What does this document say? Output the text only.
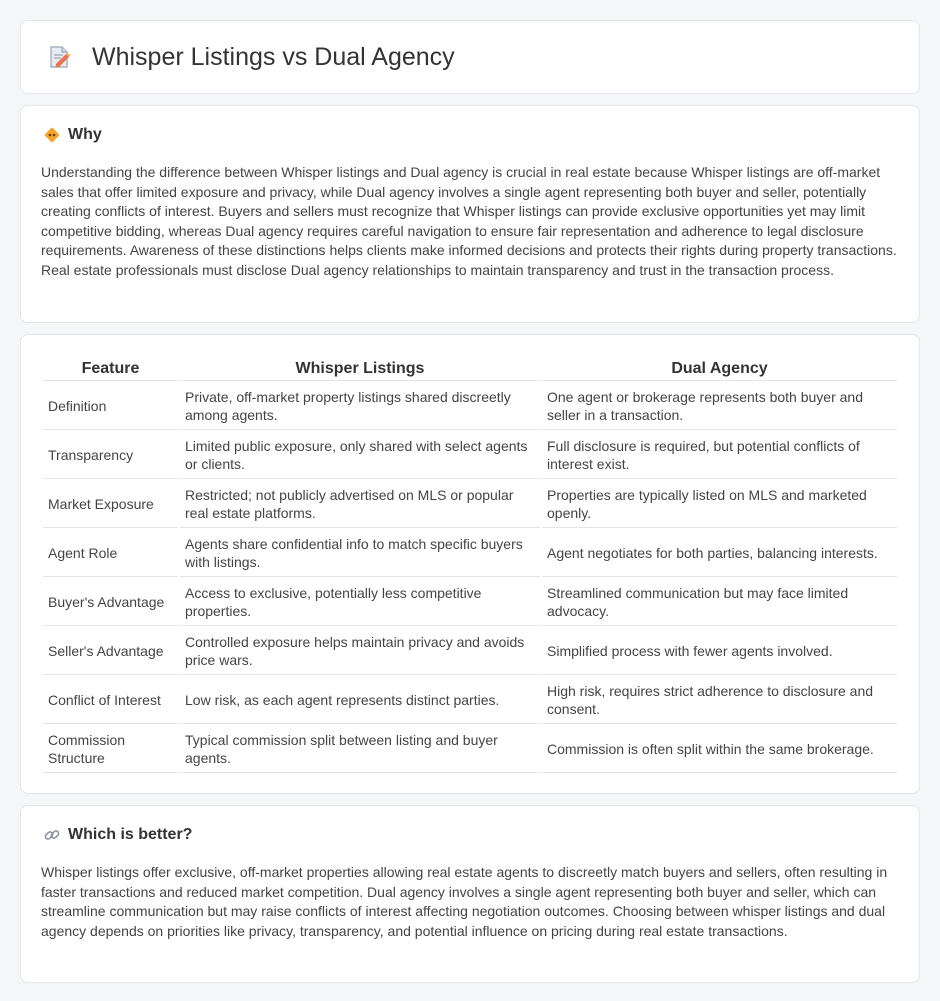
Whisper Listings vs Dual Agency
Why

Understanding the difference between Whisper listings and Dual agency is crucial in real estate because Whisper listings are off-market sales that offer limited exposure and privacy, while Dual agency involves a single agent representing both buyer and seller, potentially creating conflicts of interest. Buyers and sellers must recognize that Whisper listings can provide exclusive opportunities yet may limit competitive bidding, whereas Dual agency requires careful navigation to ensure fair representation and adherence to legal disclosure requirements. Awareness of these distinctions helps clients make informed decisions and protects their rights during property transactions. Real estate professionals must disclose Dual agency relationships to maintain transparency and trust in the transaction process.

Feature	Whisper Listings	Dual Agency
Definition	Private, off-market property listings shared discreetly among agents.	One agent or brokerage represents both buyer and seller in a transaction.
Transparency	Limited public exposure, only shared with select agents or clients.	Full disclosure is required, but potential conflicts of interest exist.
Market Exposure	Restricted; not publicly advertised on MLS or popular real estate platforms.	Properties are typically listed on MLS and marketed openly.
Agent Role	Agents share confidential info to match specific buyers with listings.	Agent negotiates for both parties, balancing interests.
Buyer's Advantage	Access to exclusive, potentially less competitive properties.	Streamlined communication but may face limited advocacy.
Seller's Advantage	Controlled exposure helps maintain privacy and avoids price wars.	Simplified process with fewer agents involved.
Conflict of Interest	Low risk, as each agent represents distinct parties.	High risk, requires strict adherence to disclosure and consent.
Commission Structure	Typical commission split between listing and buyer agents.	Commission is often split within the same brokerage.
Which is better?

Whisper listings offer exclusive, off-market properties allowing real estate agents to discreetly match buyers and sellers, often resulting in faster transactions and reduced market competition. Dual agency involves a single agent representing both buyer and seller, which can streamline communication but may raise conflicts of interest affecting negotiation outcomes. Choosing between whisper listings and dual agency depends on priorities like privacy, transparency, and potential influence on pricing during real estate transactions.
